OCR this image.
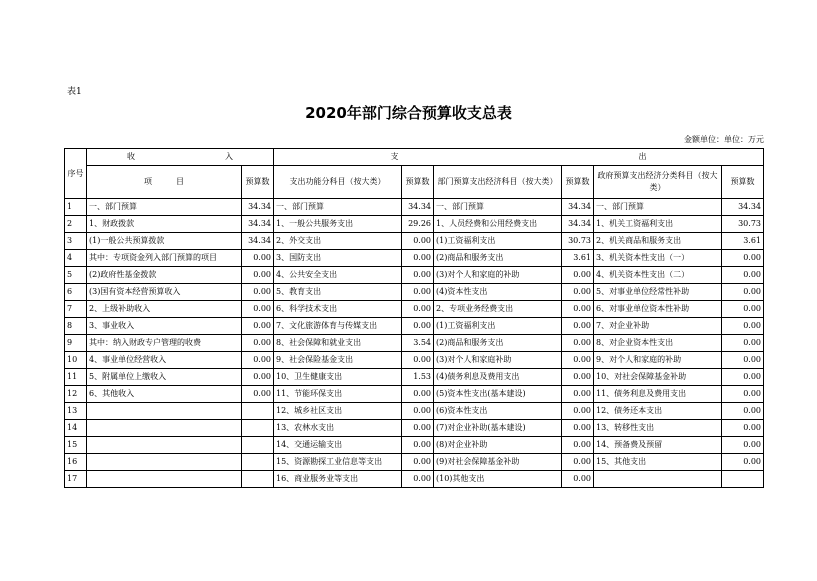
表1
2020年部门综合预算收支总表
金额单位：单位：万元
序号	收 入		支 出					
	项　　　目	预算数	支出功能分科目（按大类）	预算数	部门预算支出经济科目（按大类）	预算数	政府预算支出经济分类科目（按大类）	预算数
1	一、部门预算	34.34	一、部门预算	34.34	一、部门预算	34.34	一、部门预算	34.34
2	1、财政拨款	34.34	1、一般公共服务支出	29.26	1、人员经费和公用经费支出	34.34	1、机关工资福利支出	30.73
3	(1)一般公共预算拨款	34.34	2、外交支出	0.00	(1)工资福利支出	30.73	2、机关商品和服务支出	3.61
4	其中：专项资金列入部门预算的项目	0.00	3、国防支出	0.00	(2)商品和服务支出	3.61	3、机关资本性支出（一）	0.00
5	(2)政府性基金拨款	0.00	4、公共安全支出	0.00	(3)对个人和家庭的补助	0.00	4、机关资本性支出（二）	0.00
6	(3)国有资本经营预算收入	0.00	5、教育支出	0.00	(4)资本性支出	0.00	5、对事业单位经常性补助	0.00
7	2、上级补助收入	0.00	6、科学技术支出	0.00	2、专项业务经费支出	0.00	6、对事业单位资本性补助	0.00
8	3、事业收入	0.00	7、文化旅游体育与传媒支出	0.00	(1)工资福利支出	0.00	7、对企业补助	0.00
9	其中：纳入财政专户管理的收费	0.00	8、社会保障和就业支出	3.54	(2)商品和服务支出	0.00	8、对企业资本性支出	0.00
10	4、事业单位经营收入	0.00	9、社会保险基金支出	0.00	(3)对个人和家庭补助	0.00	9、对个人和家庭的补助	0.00
11	5、附属单位上缴收入	0.00	10、卫生健康支出	1.53	(4)债务利息及费用支出	0.00	10、对社会保障基金补助	0.00
12	6、其他收入	0.00	11、节能环保支出	0.00	(5)资本性支出(基本建设)	0.00	11、债务利息及费用支出	0.00
13			12、城乡社区支出	0.00	(6)资本性支出	0.00	12、债务还本支出	0.00
14			13、农林水支出	0.00	(7)对企业补助(基本建设)	0.00	13、转移性支出	0.00
15			14、交通运输支出	0.00	(8)对企业补助	0.00	14、预备费及预留	0.00
16			15、资源勘探工业信息等支出	0.00	(9)对社会保障基金补助	0.00	15、其他支出	0.00
17			16、商业服务业等支出	0.00	(10)其他支出	0.00		
